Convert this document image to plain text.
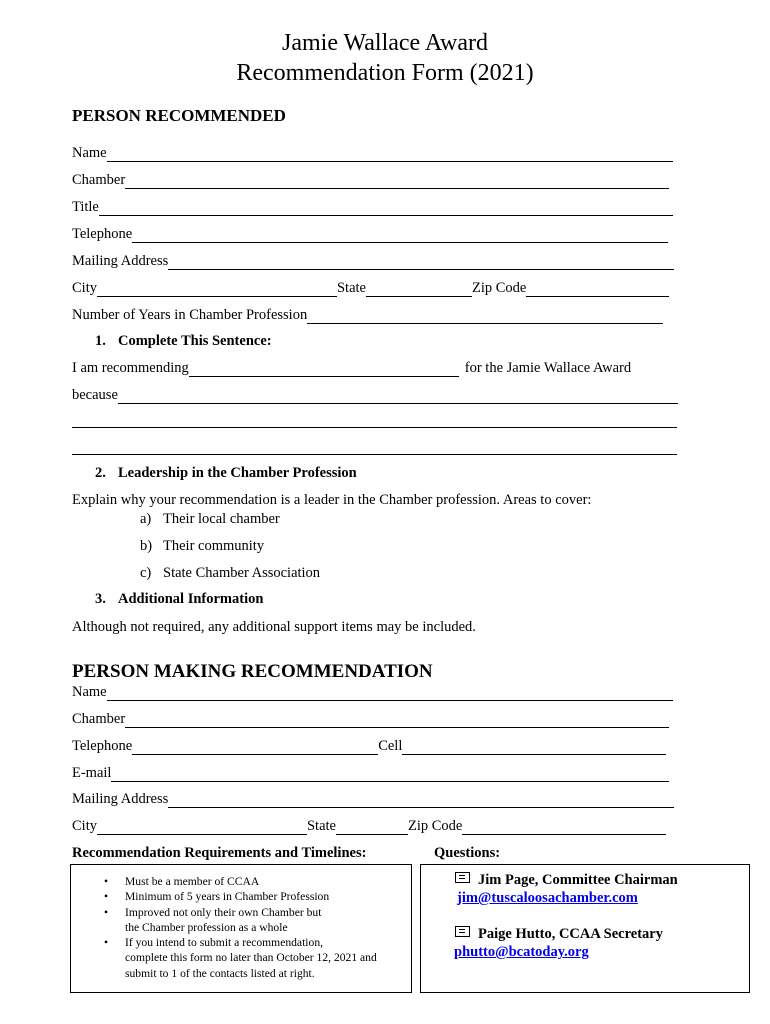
Jamie Wallace Award
Recommendation Form (2021)
PERSON RECOMMENDED
Name
Chamber
Title
Telephone
Mailing Address
City	State	Zip Code
Number of Years in Chamber Profession
1. Complete This Sentence:
I am recommending	for the Jamie Wallace Award
because
2. Leadership in the Chamber Profession
Explain why your recommendation is a leader in the Chamber profession. Areas to cover:
a) Their local chamber
b) Their community
c) State Chamber Association
3. Additional Information
Although not required, any additional support items may be included.
PERSON MAKING RECOMMENDATION
Name
Chamber
Telephone	Cell
E-mail
Mailing Address
City	State	Zip Code
Recommendation Requirements and Timelines:	Questions:
• Must be a member of CCAA
• Minimum of 5 years in Chamber Profession
• Improved not only their own Chamber but
the Chamber profession as a whole
• If you intend to submit a recommendation,
complete this form no later than October 12, 2021 and
submit to 1 of the contacts listed at right.
Jim Page, Committee Chairman
jim@tuscaloosachamber.com
Paige Hutto, CCAA Secretary
phutto@bcatoday.org
